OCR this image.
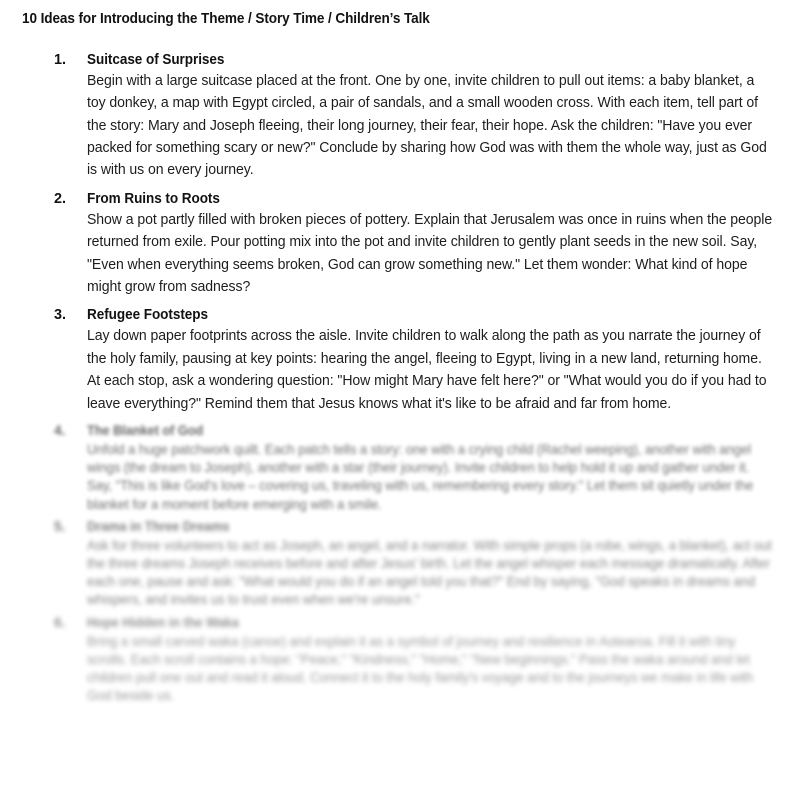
10 Ideas for Introducing the Theme / Story Time / Children’s Talk
1. Suitcase of Surprises
Begin with a large suitcase placed at the front. One by one, invite children to pull out items: a baby blanket, a toy donkey, a map with Egypt circled, a pair of sandals, and a small wooden cross. With each item, tell part of the story: Mary and Joseph fleeing, their long journey, their fear, their hope. Ask the children: "Have you ever packed for something scary or new?" Conclude by sharing how God was with them the whole way, just as God is with us on every journey.
2. From Ruins to Roots
Show a pot partly filled with broken pieces of pottery. Explain that Jerusalem was once in ruins when the people returned from exile. Pour potting mix into the pot and invite children to gently plant seeds in the new soil. Say, "Even when everything seems broken, God can grow something new." Let them wonder: What kind of hope might grow from sadness?
3. Refugee Footsteps
Lay down paper footprints across the aisle. Invite children to walk along the path as you narrate the journey of the holy family, pausing at key points: hearing the angel, fleeing to Egypt, living in a new land, returning home. At each stop, ask a wondering question: "How might Mary have felt here?" or "What would you do if you had to leave everything?" Remind them that Jesus knows what it's like to be afraid and far from home.
4. The Blanket of God
Unfold a huge patchwork quilt. Each patch tells a story: one with a crying child (Rachel weeping), another with angel wings (the dream to Joseph), another with a star (their journey). Invite children to help hold it up and gather under it. Say, "This is like God's love – covering us, traveling with us, remembering every story." Let them sit quietly under the blanket for a moment before emerging with a smile.
5. Drama in Three Dreams
Ask for three volunteers to act as Joseph, an angel, and a narrator. With simple props (a robe, wings, a blanket), act out the three dreams Joseph receives before and after Jesus' birth. Let the angel whisper each message dramatically. After each one, pause and ask: "What would you do if an angel told you that?" End by saying, "God speaks in dreams and whispers, and invites us to trust even when we're unsure."
6. Hope Hidden in the Waka
Bring a small carved waka (canoe) and explain it as a symbol of journey and resilience in Aotearoa. Fill it with tiny scrolls. Each scroll contains a hope: "Peace," "Kindness," "Home," "New beginnings." Pass the waka around and let children pull one out and read it aloud. Connect it to the holy family's voyage and to the journeys we make in life with God beside us.
